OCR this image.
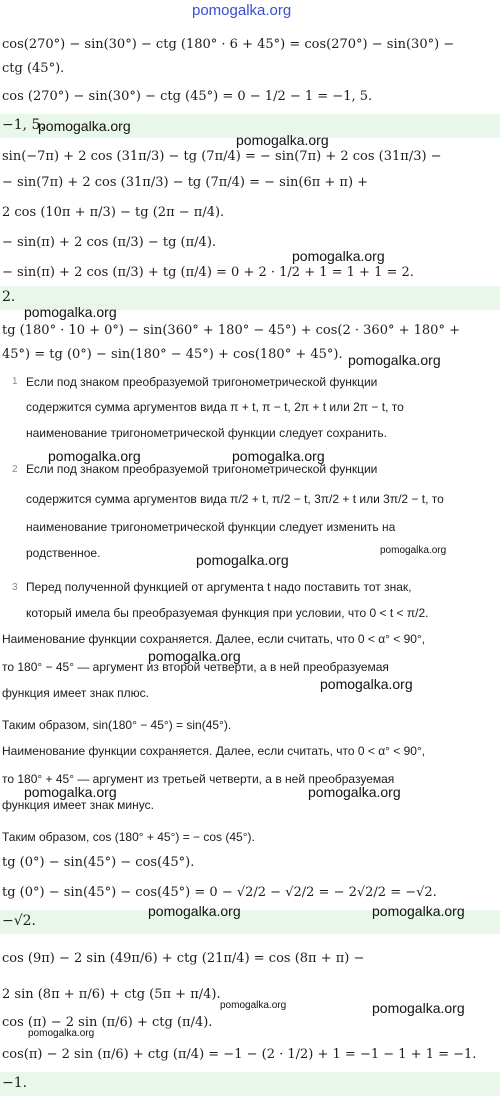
pomogalka.org
cos(270°) − sin(30°) − ctg (180° · 6 + 45°) = cos(270°) − sin(30°) −
ctg (45°).
cos (270°) − sin(30°) − ctg (45°) = 0 − 1/2 − 1 = −1, 5.
−1, 5.
pomogalka.org
pomogalka.org
sin(−7π) + 2 cos (31π/3) − tg (7π/4) = − sin(7π) + 2 cos (31π/3) −
− sin(7π) + 2 cos (31π/3) − tg (7π/4) = − sin(6π + π) +
2 cos (10π + π/3) − tg (2π − π/4).
− sin(π) + 2 cos (π/3) − tg (π/4).
pomogalka.org
− sin(π) + 2 cos (π/3) + tg (π/4) = 0 + 2 · 1/2 + 1 = 1 + 1 = 2.
2.
pomogalka.org
tg (180° · 10 + 0°) − sin(360° + 180° − 45°) + cos(2 · 360° + 180° +
45°) = tg (0°) − sin(180° − 45°) + cos(180° + 45°). pomogalka.org
1 Если под знаком преобразуемой тригонометрической функции
содержится сумма аргументов вида π + t, π − t, 2π + t или 2π − t, то
наименование тригонометрической функции следует сохранить.
pomogalka.org	pomogalka.org
2 Если под знаком преобразуемой тригонометрической функции
содержится сумма аргументов вида π/2 + t, π/2 − t, 3π/2 + t или 3π/2 − t, то
наименование тригонометрической функции следует изменить на
родственное.	pomogalka.org
pomogalka.org
3 Перед полученной функцией от аргумента t надо поставить тот знак,
который имела бы преобразуемая функция при условии, что 0 < t < π/2.
Наименование функции сохраняется. Далее, если считать, что 0 < α° < 90°,
pomogalka.org
то 180° − 45° — аргумент из второй четверти, а в ней преобразуемая
pomogalka.org
функция имеет знак плюс.
Таким образом, sin(180° − 45°) = sin(45°).
Наименование функции сохраняется. Далее, если считать, что 0 < α° < 90°,
то 180° + 45° — аргумент из третьей четверти, а в ней преобразуемая
pomogalka.org	pomogalka.org
функция имеет знак минус.
Таким образом, cos (180° + 45°) = − cos (45°).
tg (0°) − sin(45°) − cos(45°).
tg (0°) − sin(45°) − cos(45°) = 0 − √2/2 − √2/2 = − 2√2/2 = −√2.
−√2.
pomogalka.org	pomogalka.org
cos (9π) − 2 sin (49π/6) + ctg (21π/4) = cos (8π + π) −
2 sin (8π + π/6) + ctg (5π + π/4).
pomogalka.org	pomogalka.org
cos (π) − 2 sin (π/6) + ctg (π/4).
pomogalka.org
cos(π) − 2 sin (π/6) + ctg (π/4) = −1 − (2 · 1/2) + 1 = −1 − 1 + 1 = −1.
−1.
